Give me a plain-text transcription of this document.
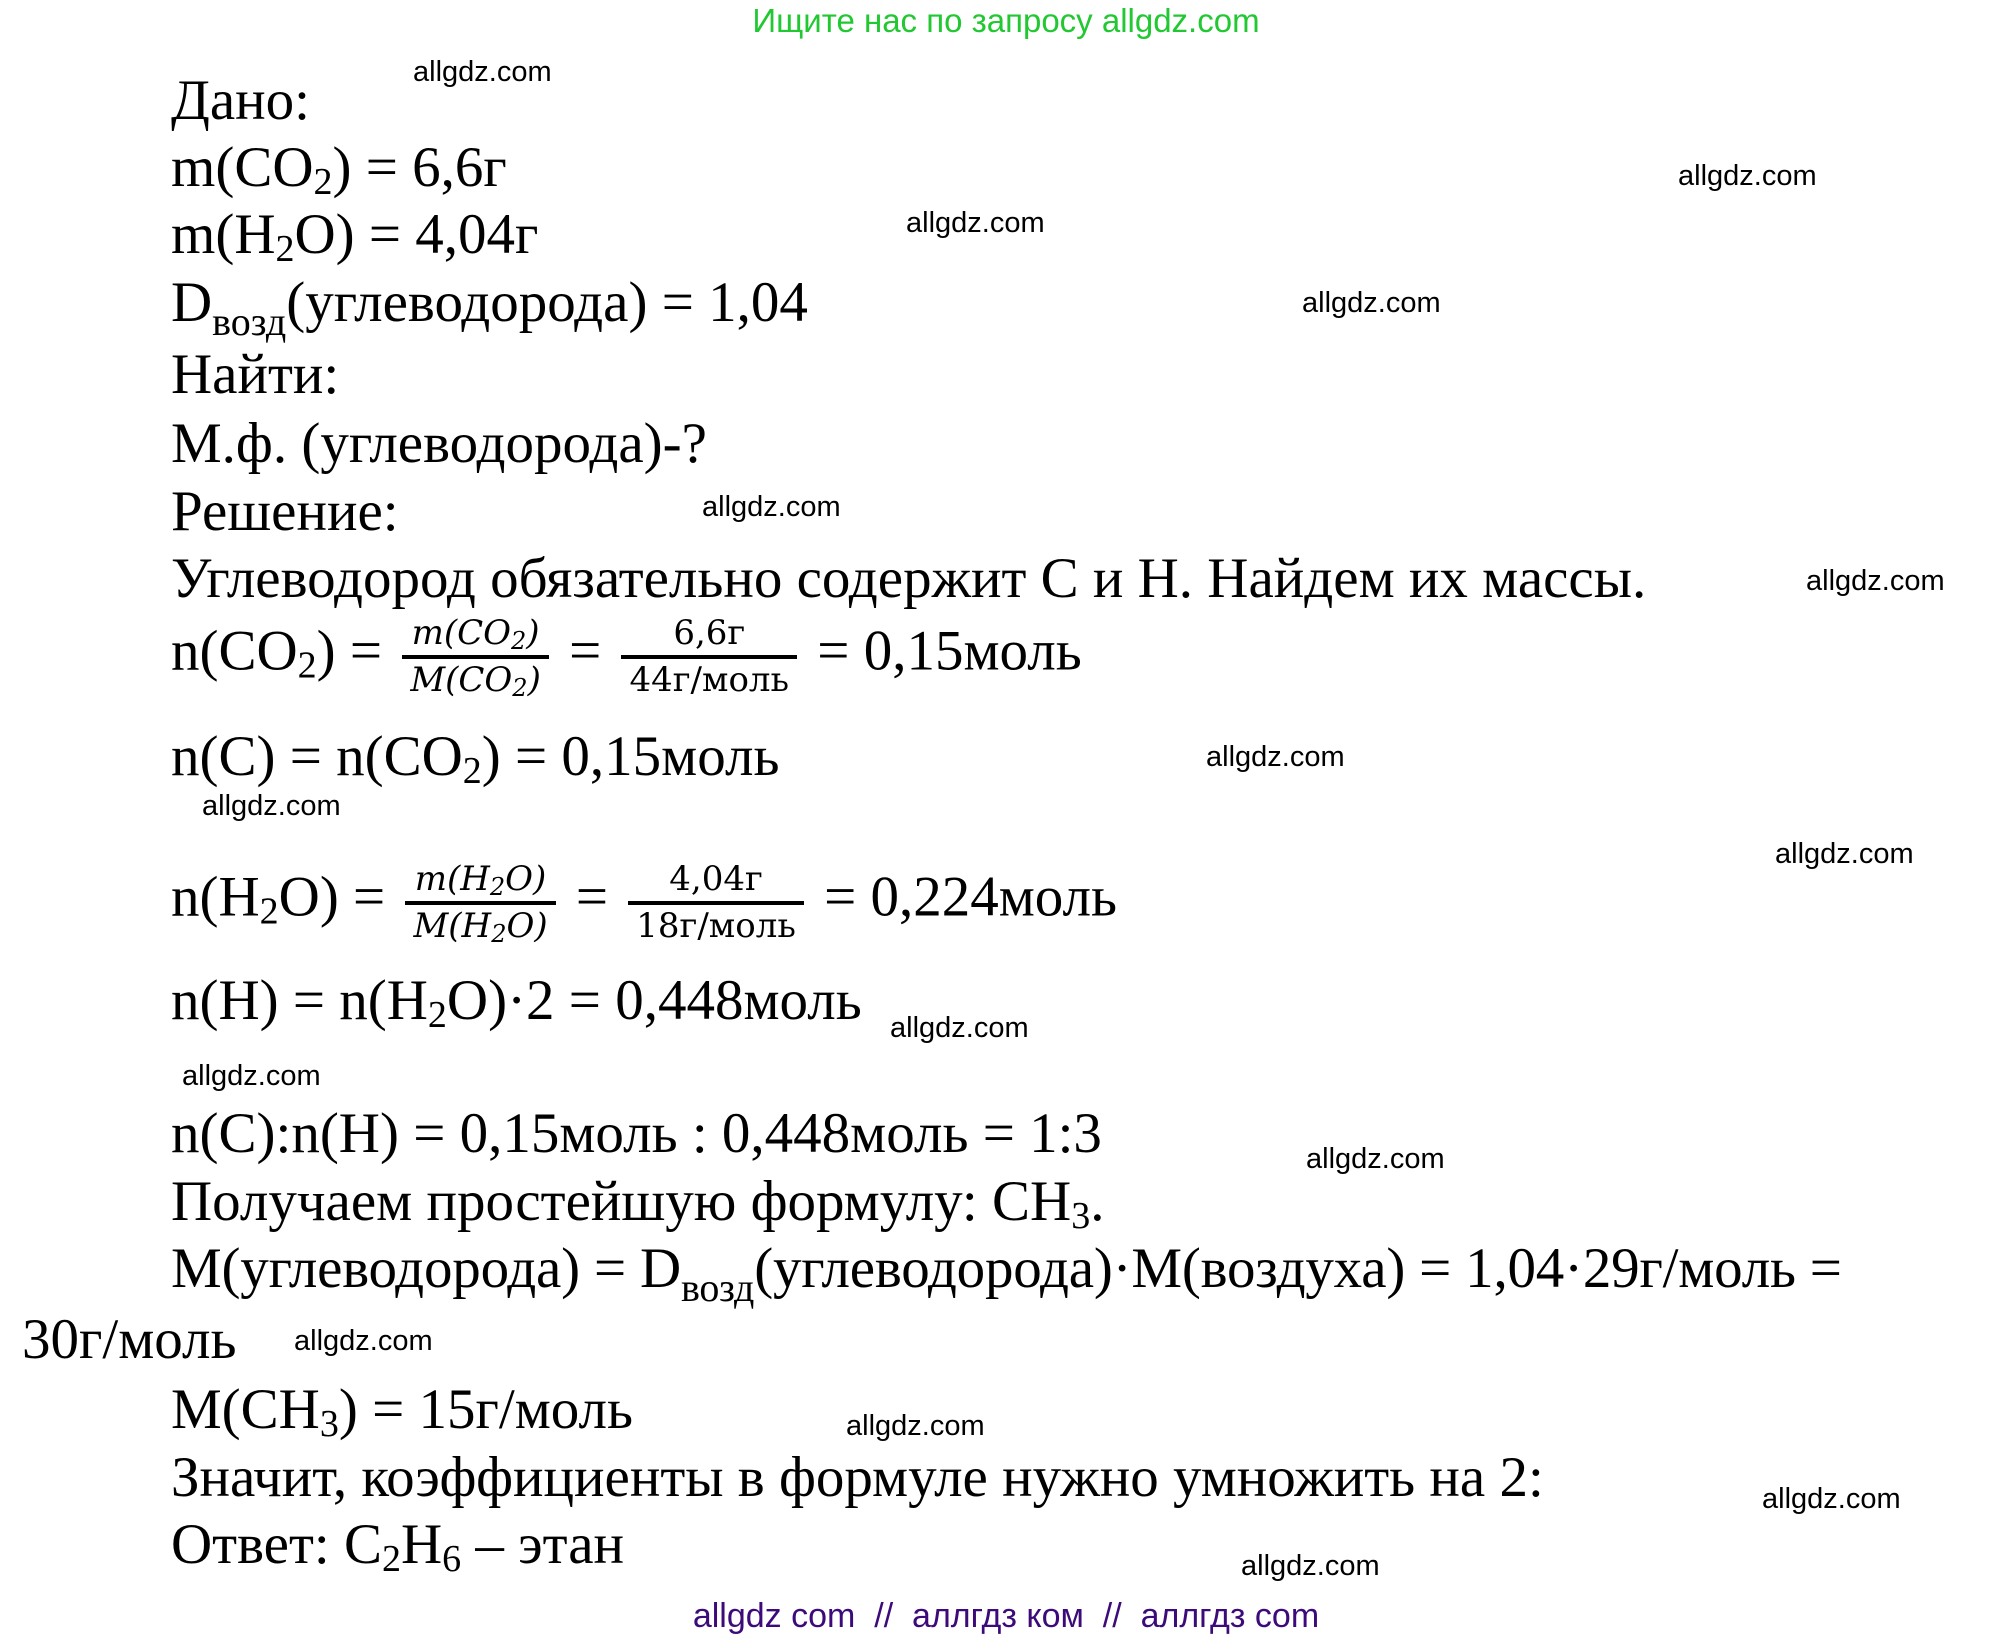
Ищите нас по запросу allgdz.com
Дано:
$m(CO_2) = 6,6г$
$m(H_2O) = 4,04г$
$D_{возд}(углеводорода) = 1,04$
Найти:
М.ф. (углеводорода)-?
Решение:
Углеводород обязательно содержит C и H. Найдем их массы.
$n(CO_2) = \frac{m(CO_2)}{M(CO_2)} = \frac{6,6г}{\text{44г/моль}}$ = 0,15моль
$n(C) = n(CO_2)$ = 0,15моль
$n(H_2O) = \frac{m(H_2O)}{M(H_2O)} = \frac{4,04г}{\text{18г/моль}}$ = 0,224моль
$n(H) = n(H_2O)\cdot 2$ = 0,448моль
n(C):n(H) = 0,15моль : 0,448моль = 1:3
Получаем простейшую формулу: $CH_3$.
M(углеводорода) = $D_{возд}(углеводорода)\cdot M(воздуха)$ = 1,04·29г/моль =
30г/моль
$M(CH_3)$ = 15г/моль
Значит, коэффициенты в формуле нужно умножить на 2:
Ответ: $C_2H_6$ – этан
allgdz.com
allgdz.com
allgdz.com
allgdz.com
allgdz.com
allgdz.com
allgdz.com
allgdz.com
allgdz.com
allgdz.com
allgdz.com
allgdz.com
allgdz.com
allgdz.com
allgdz.com
allgdz.com
allgdz com  //  аллгдз ком  //  аллгдз com
